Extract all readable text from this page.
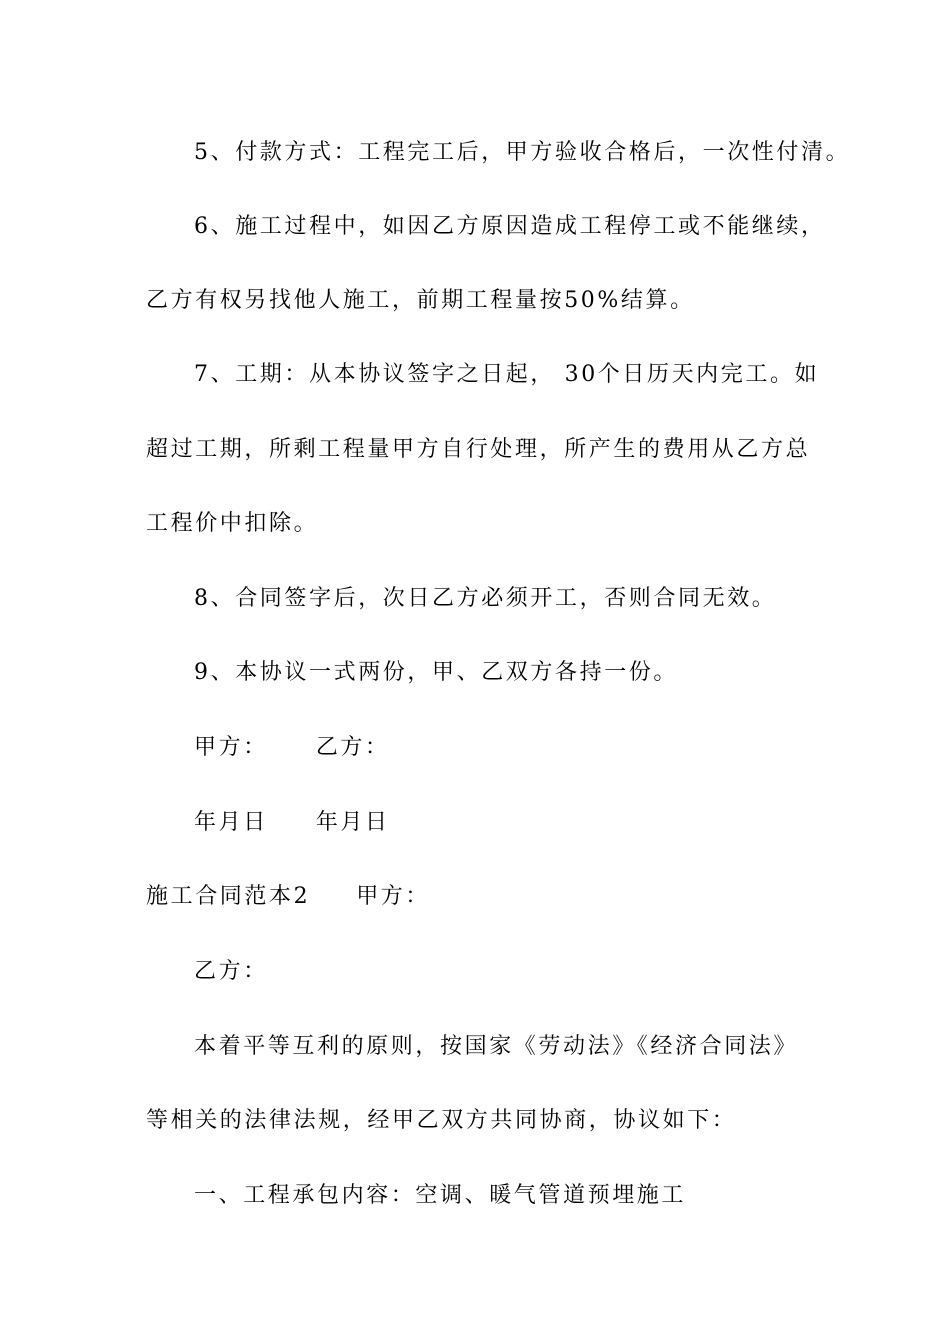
5、付款方式：工程完工后，甲方验收合格后，一次性付清。
6、施工过程中，如因乙方原因造成工程停工或不能继续，
乙方有权另找他人施工，前期工程量按50%结算。
7、工期：从本协议签字之日起， 30个日历天内完工。如
超过工期，所剩工程量甲方自行处理，所产生的费用从乙方总
工程价中扣除。
8、合同签字后，次日乙方必须开工，否则合同无效。
9、本协议一式两份，甲、乙双方各持一份。
甲方： 乙方：
年月日 年月日
施工合同范本2 甲方：
乙方：
本着平等互利的原则，按国家《劳动法》《经济合同法》
等相关的法律法规，经甲乙双方共同协商，协议如下：
一、工程承包内容：空调、暖气管道预埋施工
